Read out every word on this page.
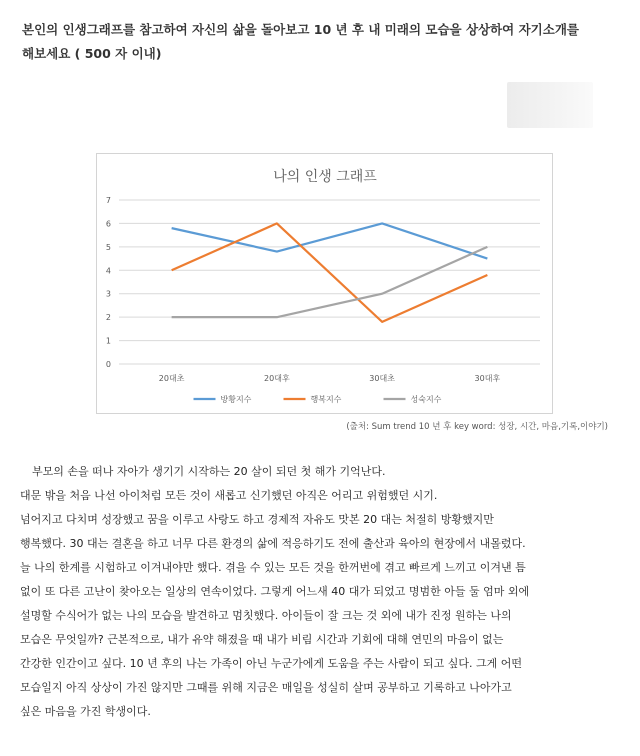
본인의 인생그래프를 참고하여 자신의 삶을 돌아보고 10 년 후 내 미래의 모습을 상상하여 자기소개를
해보세요 ( 500 자 이내)
나의 인생 그래프
0
1
2
3
4
5
6
7
20대초	20대후	30대초	30대후
방황지수	행복지수	성숙지수
(출처: Sum trend 10 년 후 key word: 성장, 시간, 마음,기록,이야기)

부모의 손을 떠나 자아가 생기기 시작하는 20 살이 되던 첫 해가 기억난다.

대문 밖을 처음 나선 아이처럼 모든 것이 새롭고 신기했던 아직은 어리고 위험했던 시기.

넘어지고 다치며 성장했고 꿈을 이루고 사랑도 하고 경제적 자유도 맛본 20 대는 처절히 방황했지만

행복했다. 30 대는 결혼을 하고 너무 다른 환경의 삶에 적응하기도 전에 출산과 육아의 현장에서 내몰렸다.

늘 나의 한계를 시험하고 이겨내야만 했다. 겪을 수 있는 모든 것을 한꺼번에 겪고 빠르게 느끼고 이겨낸 틈

없이 또 다른 고난이 찾아오는 일상의 연속이었다. 그렇게 어느새 40 대가 되었고 명범한 아들 둘 엄마 외에

설명할 수식어가 없는 나의 모습을 발견하고 멈칫했다. 아이들이 잘 크는 것 외에 내가 진정 원하는 나의

모습은 무엇일까? 근본적으로, 내가 유약 해졌을 때 내가 비림 시간과 기회에 대해 연민의 마음이 없는

간강한 인간이고 싶다. 10 년 후의 나는 가족이 아닌 누군가에게 도움을 주는 사람이 되고 싶다. 그게 어떤

모습일지 아직 상상이 가진 않지만 그때를 위해 지금은 매일을 성실히 살며 공부하고 기록하고 나아가고

싶은 마음을 가진 학생이다.
